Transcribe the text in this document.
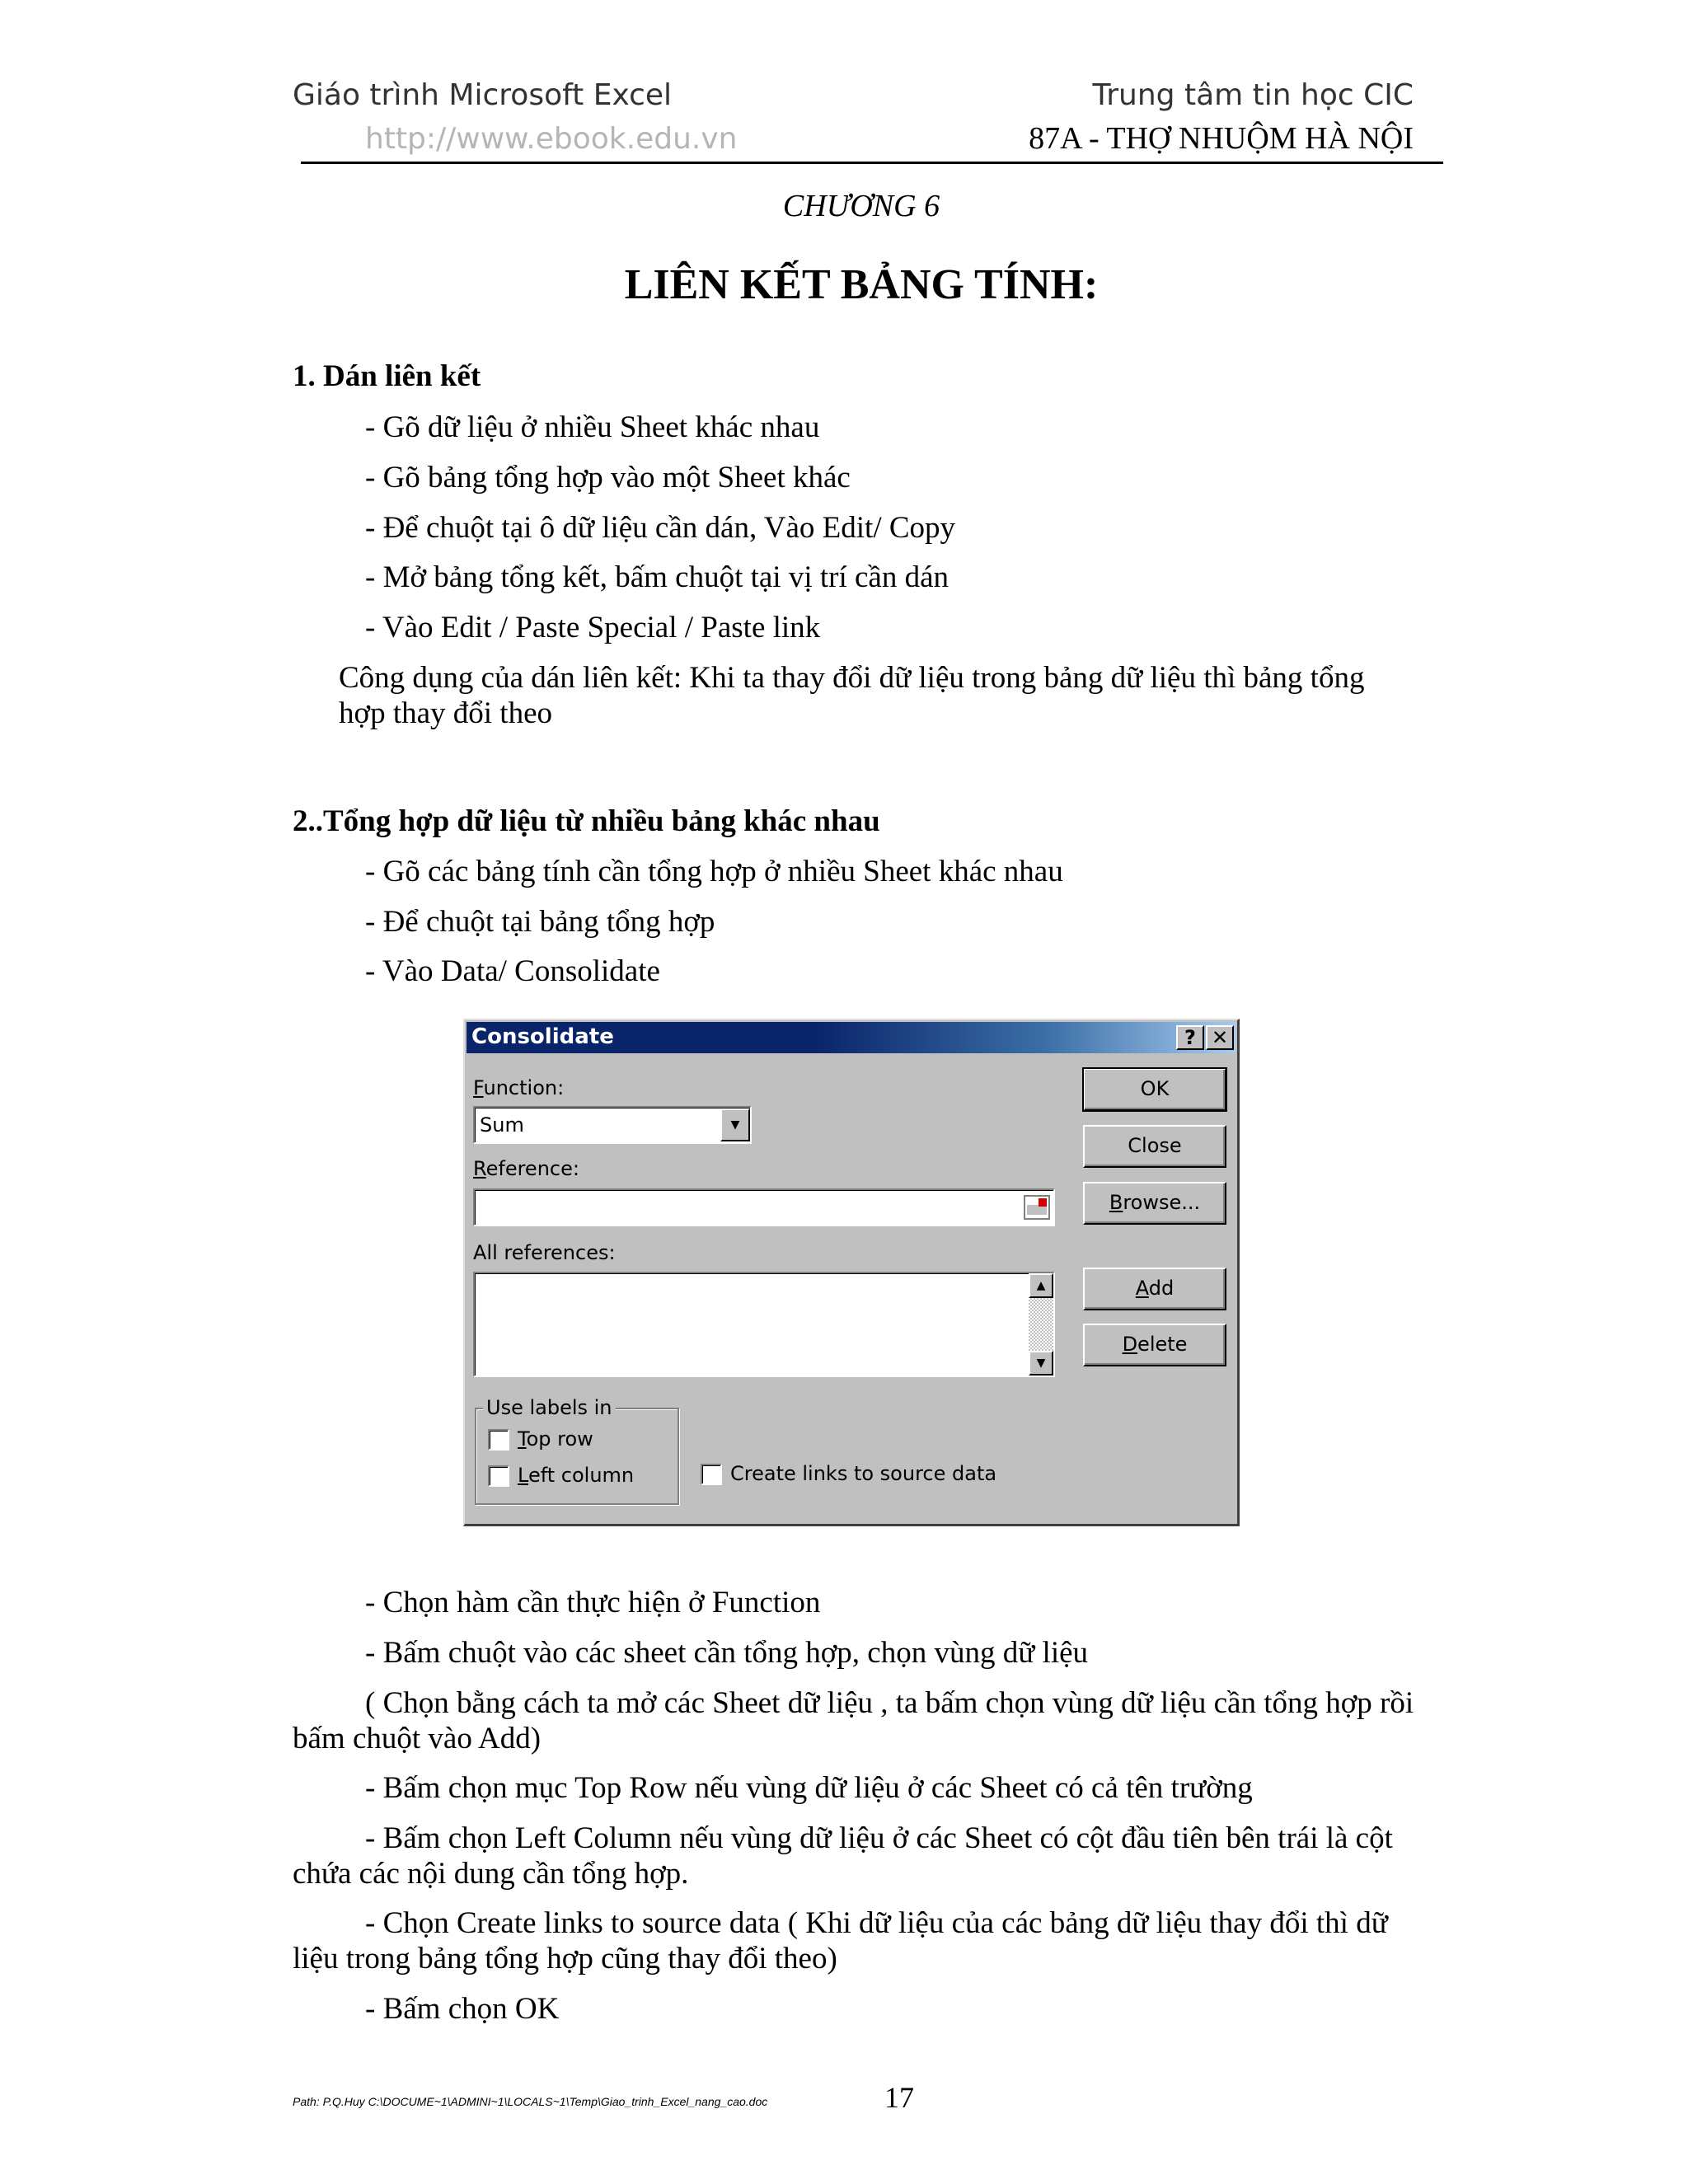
Giáo trình Microsoft Excel
http://www.ebook.edu.vn
Trung tâm tin học CIC
87A - THỢ NHUỘM HÀ NỘI
CHƯƠNG 6
LIÊN KẾT BẢNG TÍNH:
1. Dán liên kết
- Gõ dữ liệu ở nhiều Sheet khác nhau
- Gõ bảng tổng hợp vào một Sheet khác
- Để chuột tại ô dữ liệu cần dán, Vào Edit/ Copy
- Mở bảng tổng kết, bấm chuột tại vị trí cần dán
- Vào Edit / Paste Special / Paste link
Công dụng của dán liên kết: Khi ta thay đổi dữ liệu trong bảng dữ liệu thì bảng tổng
hợp thay đổi theo
2..Tổng hợp dữ liệu từ nhiều bảng khác nhau
- Gõ các bảng tính cần tổng hợp ở nhiều Sheet khác nhau
- Để chuột tại bảng tổng hợp
- Vào Data/ Consolidate
Consolidate	? ✕
Function:
Sum	▼
Reference:
All references:
▲
▼
OK
Close
Browse...
Add
Delete
Use labels in
Top row
Left column	Create links to source data
- Chọn hàm cần thực hiện ở Function
- Bấm chuột vào các sheet cần tổng hợp, chọn vùng dữ liệu
( Chọn bằng cách ta mở các Sheet dữ liệu , ta bấm chọn vùng dữ liệu cần tổng hợp rồi
bấm chuột vào Add)
- Bấm chọn mục Top Row nếu vùng dữ liệu ở các Sheet có cả tên trường
- Bấm chọn Left Column nếu vùng dữ liệu ở các Sheet có cột đầu tiên bên trái là cột
chứa các nội dung cần tổng hợp.
- Chọn Create links to source data ( Khi dữ liệu của các bảng dữ liệu thay đổi thì dữ
liệu trong bảng tổng hợp cũng thay đổi theo)
- Bấm chọn OK
Path: P.Q.Huy C:\DOCUME~1\ADMINI~1\LOCALS~1\Temp\Giao_trinh_Excel_nang_cao.doc	17
